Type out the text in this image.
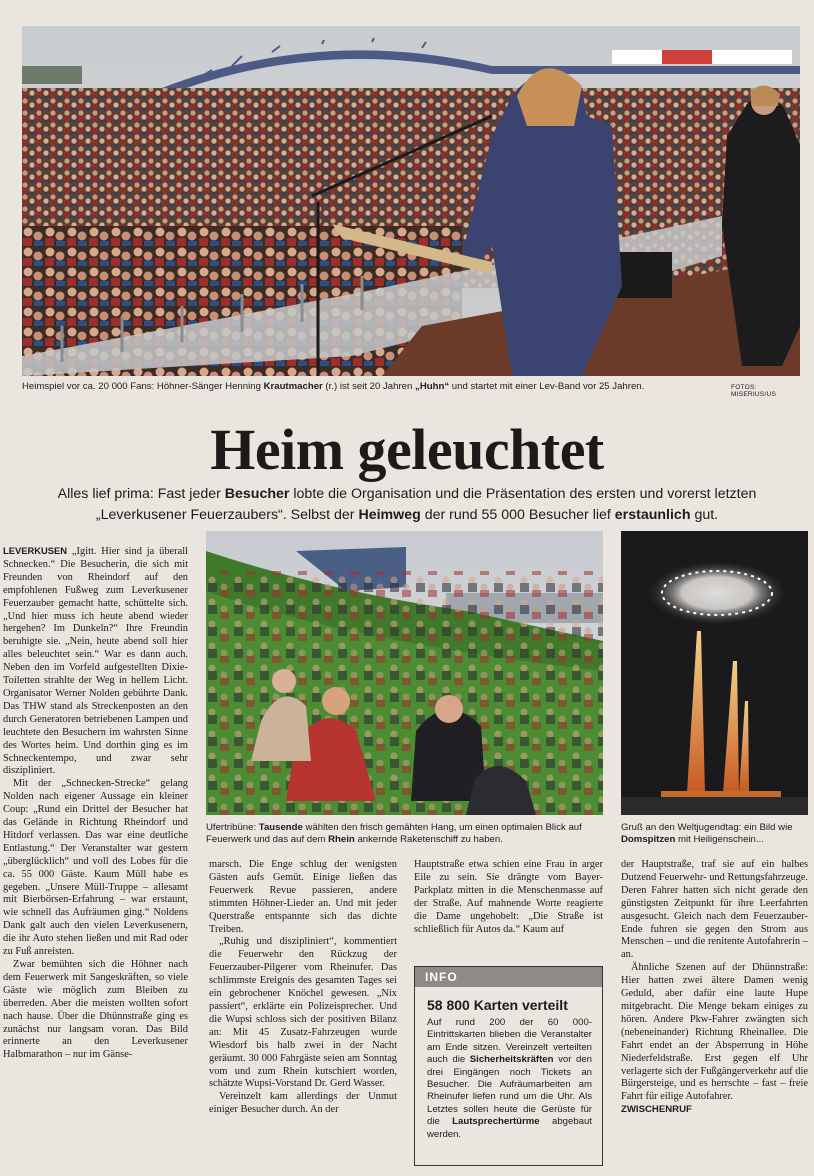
Heimspiel vor ca. 20 000 Fans: Höhner-Sänger Henning Krautmacher (r.) ist seit 20 Jahren „Huhn“ und startet mit einer Lev-Band vor 25 Jahren.	FOTOS: MISERIUS/US
Heim geleuchtet
Alles lief prima: Fast jeder Besucher lobte die Organisation und die Präsentation des ersten und vorerst letzten „Leverkusener Feuerzaubers“. Selbst der Heimweg der rund 55 000 Besucher lief erstaunlich gut.
Ufertribüne: Tausende wählten den frisch gemähten Hang, um einen optimalen Blick auf Feuerwerk und das auf dem Rhein ankernde Raketenschiff zu haben.
Gruß an den Weltjugendtag: ein Bild wie Domspitzen mit Heiligenschein...

LEVERKUSEN „Igitt. Hier sind ja überall Schnecken.“ Die Besucherin, die sich mit Freunden von Rheindorf auf den empfohlenen Fußweg zum Leverkusener Feuerzauber gemacht hatte, schüttelte sich. „Und hier muss ich heute abend wieder hergehen? Im Dunkeln?“ Ihre Freundin beruhigte sie. „Nein, heute abend soll hier alles beleuchtet sein.“ War es dann auch. Neben den im Vorfeld aufgestellten Dixie-Toiletten strahlte der Weg in hellem Licht. Organisator Werner Nolden gebührte Dank. Das THW stand als Streckenposten an den durch Generatoren betriebenen Lampen und leuchtete den Besuchern im wahrsten Sinne des Wortes heim. Und dorthin ging es im Schneckentempo, und zwar sehr diszipliniert.

Mit der „Schnecken-Strecke“ gelang Nolden nach eigener Aussage ein kleiner Coup: „Rund ein Drittel der Besucher hat das Gelände in Richtung Rheindorf und Hitdorf verlassen. Das war eine deutliche Entlastung.“ Der Veranstalter war gestern „überglücklich“ und voll des Lobes für die ca. 55 000 Gäste. Kaum Müll habe es gegeben. „Unsere Müll-Truppe – allesamt mit Bierbörsen-Erfahrung – war erstaunt, wie schnell das Aufräumen ging.“ Noldens Dank galt auch den vielen Leverkusenern, die ihr Auto stehen ließen und mit Rad oder zu Fuß anreisten.

Zwar bemühten sich die Höhner nach dem Feuerwerk mit Sangeskräften, so viele Gäste wie möglich zum Bleiben zu überreden. Aber die meisten wollten sofort nach hause. Über die Dhünnstraße ging es zunächst nur langsam voran. Das Bild erinnerte an den Leverkusener Halbmarathon – nur im Gänse-

marsch. Die Enge schlug der wenigsten Gästen aufs Gemüt. Einige ließen das Feuerwerk Revue passieren, andere stimmten Höhner-Lieder an. Und mit jeder Querstraße entspannte sich das dichte Treiben.

„Ruhig und diszipliniert“, kommentiert die Feuerwehr den Rückzug der Feuerzauber-Pilgerer vom Rheinufer. Das schlimmste Ereignis des gesamten Tages sei ein gebrochener Knöchel gewesen. „Nix passiert“, erklärte ein Polizeisprecher. Und die Wupsi schloss sich der positiven Bilanz an: Mit 45 Zusatz-Fahrzeugen wurde Wiesdorf bis halb zwei in der Nacht geräumt. 30 000 Fahrgäste seien am Sonntag vom und zum Rhein kutschiert worden, schätzte Wupsi-Vorstand Dr. Gerd Wasser.

Vereinzelt kam allerdings der Unmut einiger Besucher durch. An der

Hauptstraße etwa schien eine Frau in arger Eile zu sein. Sie drängte vom Bayer-Parkplatz mitten in die Menschenmasse auf der Straße. Auf mahnende Worte reagierte die Dame ungehobelt: „Die Straße ist schließlich für Autos da.“ Kaum auf

der Hauptstraße, traf sie auf ein halbes Dutzend Feuerwehr- und Rettungsfahrzeuge. Deren Fahrer hatten sich nicht gerade den günstigsten Zeitpunkt für ihre Leerfahrten ausgesucht. Gleich nach dem Feuerzauber-Ende fuhren sie gegen den Strom aus Menschen – und die renitente Autofahrerin – an.

Ähnliche Szenen auf der Dhünnstraße: Hier hatten zwei ältere Damen wenig Geduld, aber dafür eine laute Hupe mitgebracht. Die Menge bekam einiges zu hören. Andere Pkw-Fahrer zwängten sich (nebeneinander) Richtung Rheinallee. Die Fahrt endet an der Absperrung in Höhe Niederfeldstraße. Erst gegen elf Uhr verlagerte sich der Fußgängerverkehr auf die Bürgersteige, und es herrschte – fast – freie Fahrt für eilige Autofahrer.

ZWISCHENRUF

INFO
58 800 Karten verteilt
Auf rund 200 der 60 000-Eintrittskarten blieben die Veranstalter am Ende sitzen. Vereinzelt verteilten auch die Sicherheitskräften vor den drei Eingängen noch Tickets an Besucher. Die Aufräumarbeiten am Rheinufer liefen rund um die Uhr. Als Letztes sollen heute die Gerüste für die Lautsprechertürme abgebaut werden.
